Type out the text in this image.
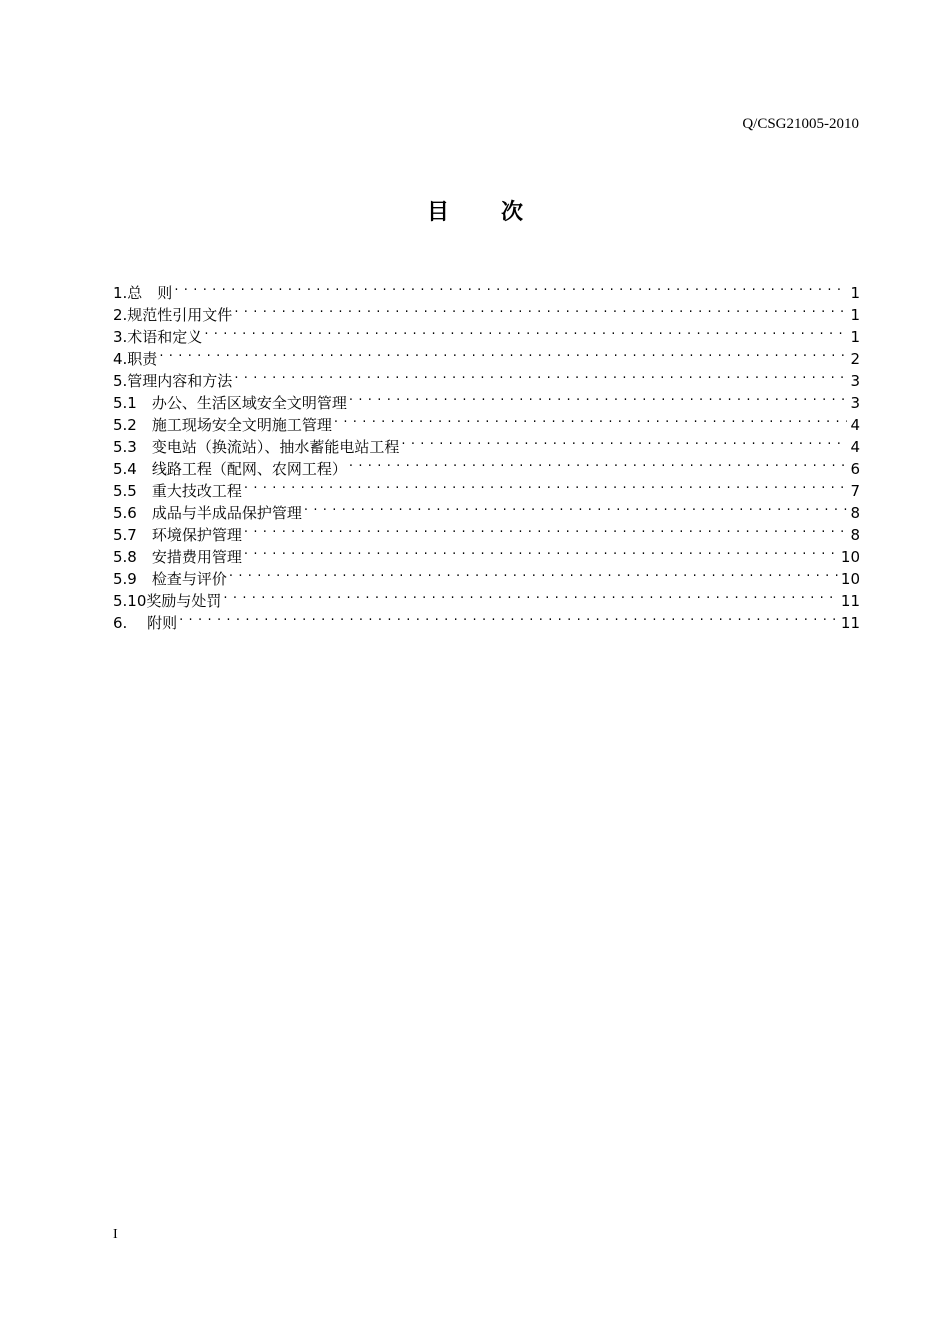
Q/CSG21005-2010
目 次
1.总　则 . . .	1
2.规范性引用文件 . . .	1
3.术语和定义 . . .	1
4.职责 . . .	2
5.管理内容和方法 . . .	3
5.1　办公、生活区域安全文明管理 . . .	3
5.2　施工现场安全文明施工管理 . . .	4
5.3　变电站（换流站）、抽水蓄能电站工程 . . .	4
5.4　线路工程（配网、农网工程） . . .	6
5.5　重大技改工程 . . .	7
5.6　成品与半成品保护管理 . . .	8
5.7　环境保护管理 . . .	8
5.8　安措费用管理 . . .	10
5.9　检查与评价 . . .	10
5.10奖励与处罚 . . .	11
6.　 附则 . . .	11
I
